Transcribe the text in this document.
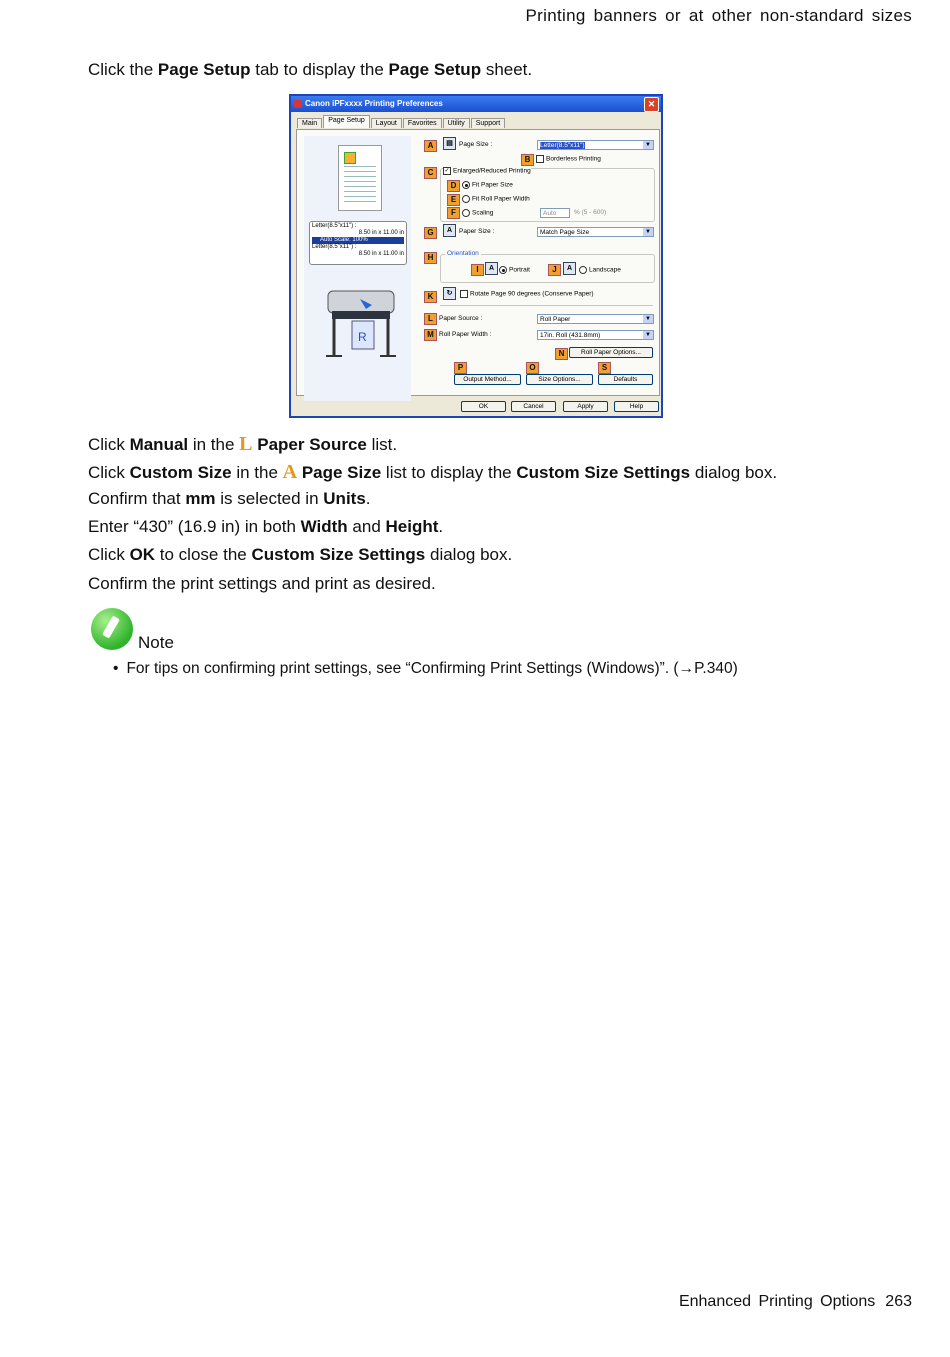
Printing banners or at other non-standard sizes
Click the Page Setup tab to display the Page Setup sheet.
Canon iPFxxxx Printing Preferences	✕
Main	Page Setup	Layout	Favorites	Utility	Support
Letter(8.5"x11") :
8.50 in x 11.00 in
Auto Scale: 100%
Letter(8.5"x11") :
8.50 in x 11.00 in
R
A	▤ Page Size :	Letter(8.5"x11")	▼
B	Borderless Printing
C	✓ Enlarged/Reduced Printing
D	Fit Paper Size
E	Fit Roll Paper Width
F	Scaling	Auto	% (5 - 600)
G	A	Paper Size :	Match Page Size	▼
H	Orientation
I	A	Portrait	J	A	Landscape
K	↻	Rotate Page 90 degrees (Conserve Paper)
L Paper Source :	Roll Paper	▼
M Roll Paper Width :	17in. Roll (431.8mm)	▼
N	Roll Paper Options...
P	O	S
Output Method...	Size Options...	Defaults
OK	Cancel	Apply	Help
Click Manual in the L Paper Source list.
Click Custom Size in the A Page Size list to display the Custom Size Settings dialog box.
Confirm that mm is selected in Units.
Enter “430” (16.9 in) in both Width and Height.
Click OK to close the Custom Size Settings dialog box.
Confirm the print settings and print as desired.
Note
• For tips on confirming print settings, see “Confirming Print Settings (Windows)”. (→P.340)
Enhanced Printing Options 263
